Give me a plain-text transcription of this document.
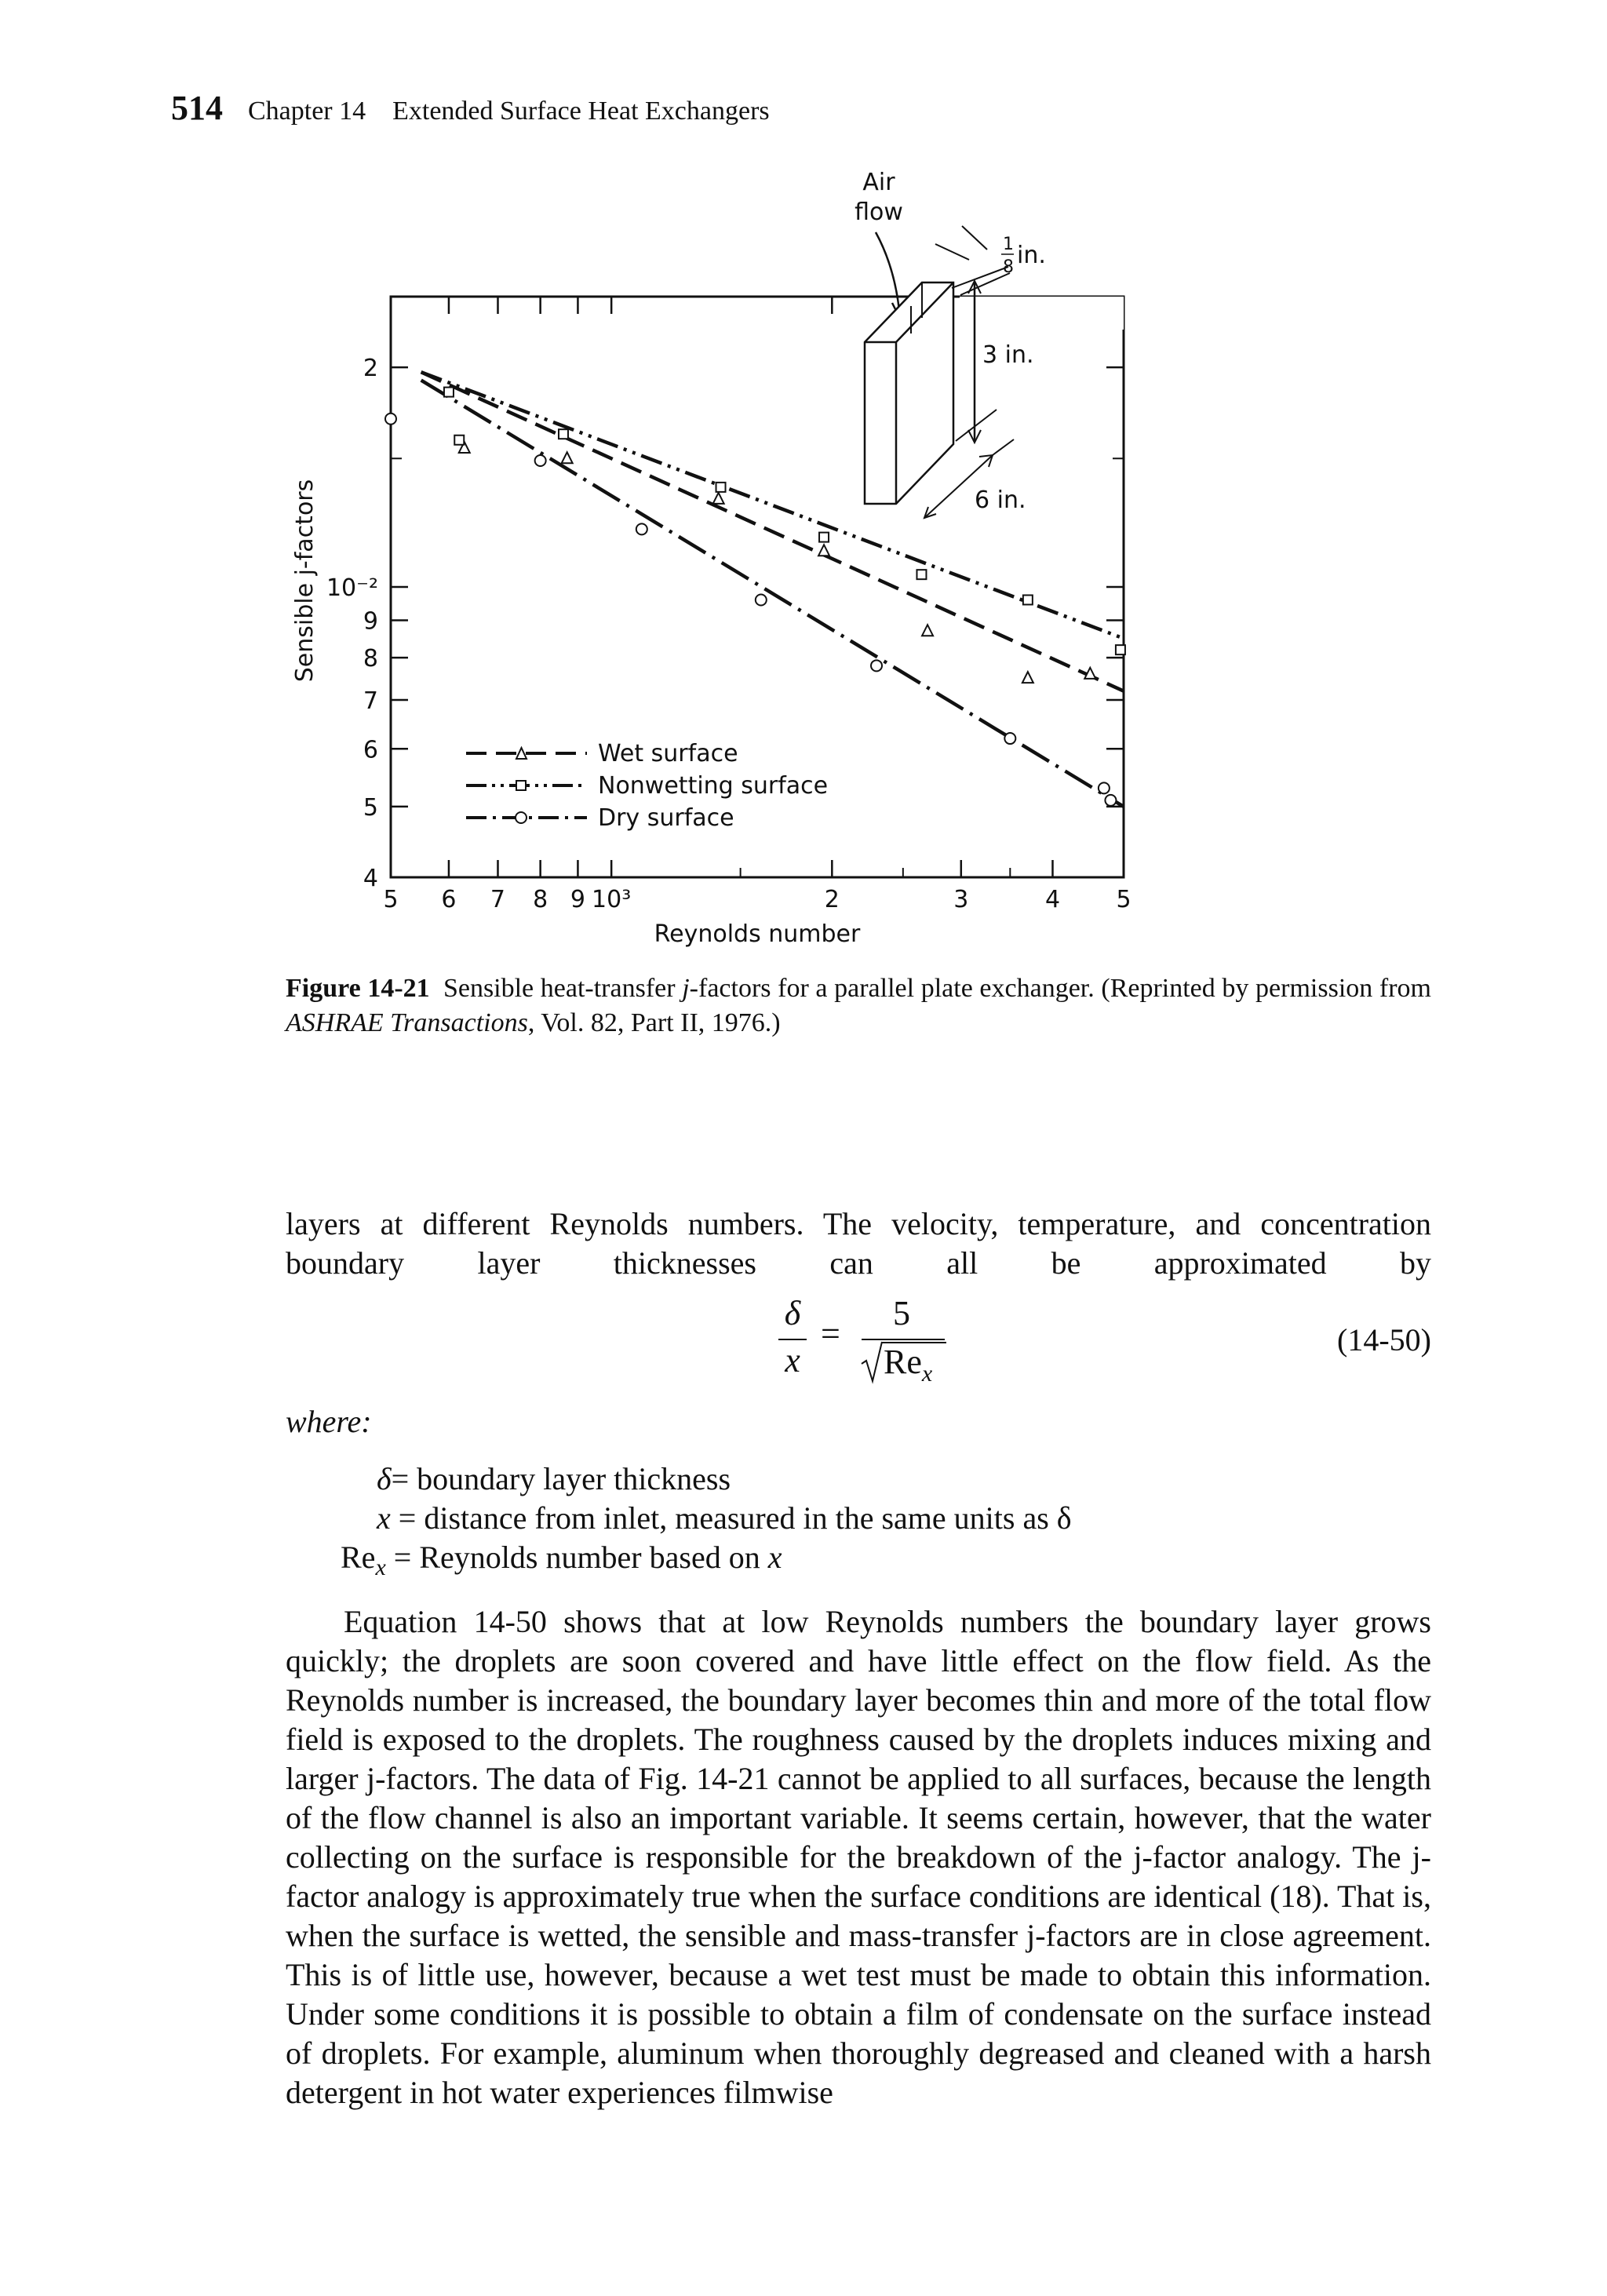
514 Chapter 14    Extended Surface Heat Exchangers
5 6 7 8 9 10³	2	3	4 5
4
5
6
7
8
9
10⁻²
2
Reynolds number
Sensible j-factors
Wet surface
Nonwetting surface
Dry surface
Air
flow
1
8 in.
3 in.
6 in.
Figure 14-21 Sensible heat-transfer j-factors for a parallel plate exchanger. (Reprinted by permission from ASHRAE Transactions, Vol. 82, Part II, 1976.)
layers at different Reynolds numbers. The velocity, temperature, and concentration boundary layer thicknesses can all be approximated by
δ
x
=
5
$Re_x$
(14-50)
where:
δ= boundary layer thickness
x = distance from inlet, measured in the same units as δ
$Re_x$ = Reynolds number based on x
Equation 14-50 shows that at low Reynolds numbers the boundary layer grows quickly; the droplets are soon covered and have little effect on the flow field. As the Reynolds number is increased, the boundary layer becomes thin and more of the total flow field is exposed to the droplets. The roughness caused by the droplets induces mixing and larger j-factors. The data of Fig. 14-21 cannot be applied to all surfaces, because the length of the flow channel is also an important variable. It seems certain, however, that the water collecting on the surface is responsible for the breakdown of the j-factor analogy. The j-factor analogy is approximately true when the surface conditions are identical (18). That is, when the surface is wetted, the sensible and mass-transfer j-factors are in close agreement. This is of little use, however, because a wet test must be made to obtain this information. Under some conditions it is possible to obtain a film of condensate on the surface instead of droplets. For example, aluminum when thoroughly degreased and cleaned with a harsh detergent in hot water experiences filmwise
